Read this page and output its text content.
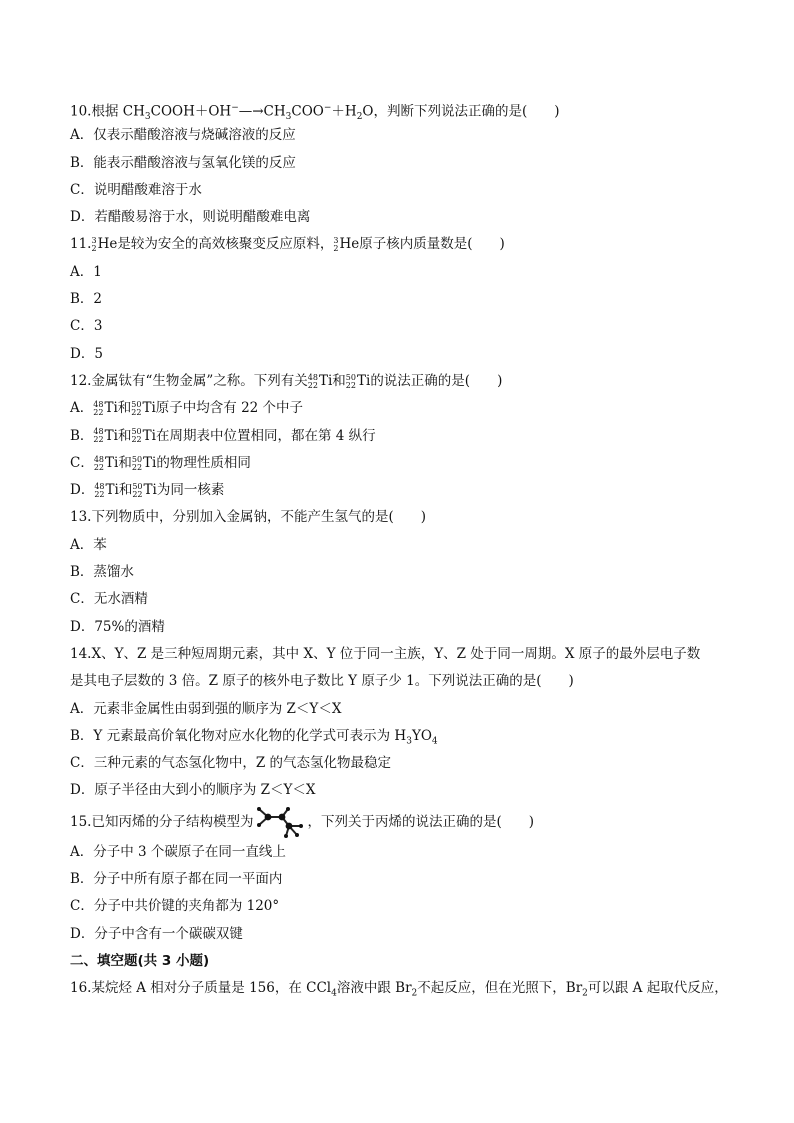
10.根据 $CH_3COOH+OH^-—\to CH_3COO^-+H_2O$，判断下列说法正确的是(　　)
A．仅表示醋酸溶液与烧碱溶液的反应
B．能表示醋酸溶液与氢氧化镁的反应
C．说明醋酸难溶于水
D．若醋酸易溶于水，则说明醋酸难电离
11. 3
2 He 是较为安全的高效核聚变反应原料， 3
2 He 原子核内质量数是(　　)
A．1
B．2
C．3
D．5
12.金属钛有“生物金属”之称。下列有关 48
22 Ti 和 50
22 Ti 的说法正确的是(　　)
A． 48
22 Ti 和 50
22 Ti 原子中均含有 22 个中子
B． 48
22 Ti 和 50
22 Ti 在周期表中位置相同，都在第 4 纵行
C． 48
22 Ti 和 50
22 Ti 的物理性质相同
D． 48
22 Ti 和 50
22 Ti 为同一核素
13.下列物质中，分别加入金属钠，不能产生氢气的是(　　)
A．苯
B．蒸馏水
C．无水酒精
D．75%的酒精
14.X、Y、Z 是三种短周期元素，其中 X、Y 位于同一主族，Y、Z 处于同一周期。X 原子的最外层电子数
是其电子层数的 3 倍。Z 原子的核外电子数比 Y 原子少 1。下列说法正确的是(　　)
A．元素非金属性由弱到强的顺序为 Z＜Y＜X
B．Y 元素最高价氧化物对应水化物的化学式可表示为 $H_3YO_4$
C．三种元素的气态氢化物中，Z 的气态氢化物最稳定
D．原子半径由大到小的顺序为 Z＜Y＜X
15.已知丙烯的分子结构模型为	，下列关于丙烯的说法正确的是(　　)
A．分子中 3 个碳原子在同一直线上
B．分子中所有原子都在同一平面内
C．分子中共价键的夹角都为 120°
D．分子中含有一个碳碳双键
二、填空题(共 3 小题)
16.某烷烃 A 相对分子质量是 156，在 CCl$_4$溶液中跟 $Br_2$不起反应，但在光照下，$Br_2$可以跟 A 起取代反应，
